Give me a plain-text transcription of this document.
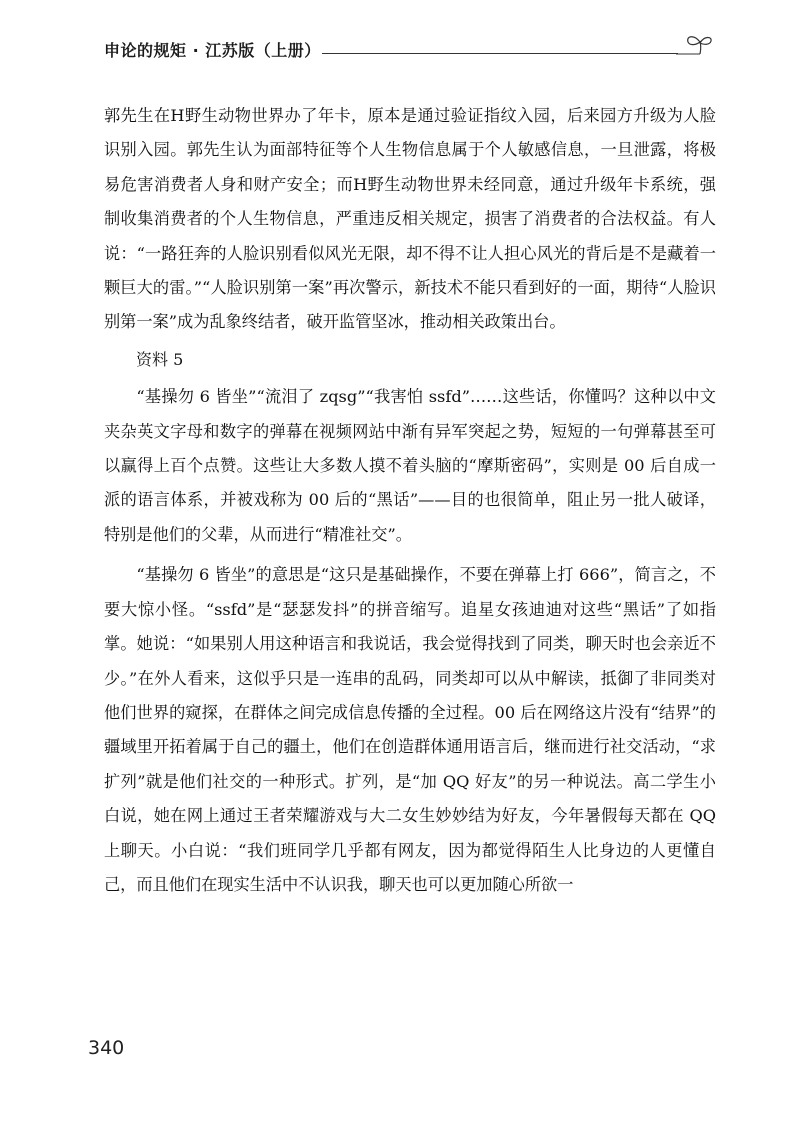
申论的规矩 · 江苏版（上册）

郭先生在H野生动物世界办了年卡，原本是通过验证指纹入园，后来园方升级为人脸识别入园。郭先生认为面部特征等个人生物信息属于个人敏感信息，一旦泄露，将极易危害消费者人身和财产安全；而H野生动物世界未经同意，通过升级年卡系统，强制收集消费者的个人生物信息，严重违反相关规定，损害了消费者的合法权益。有人说：“一路狂奔的人脸识别看似风光无限，却不得不让人担心风光的背后是不是藏着一颗巨大的雷。”“人脸识别第一案”再次警示，新技术不能只看到好的一面，期待“人脸识别第一案”成为乱象终结者，破开监管坚冰，推动相关政策出台。

资料 5

“基操勿 6 皆坐”“流泪了 zqsg”“我害怕 ssfd”……这些话，你懂吗？这种以中文夹杂英文字母和数字的弹幕在视频网站中渐有异军突起之势，短短的一句弹幕甚至可以赢得上百个点赞。这些让大多数人摸不着头脑的“摩斯密码”，实则是 00 后自成一派的语言体系，并被戏称为 00 后的“黑话”——目的也很简单，阻止另一批人破译，特别是他们的父辈，从而进行“精准社交”。

“基操勿 6 皆坐”的意思是“这只是基础操作，不要在弹幕上打 666”，简言之，不要大惊小怪。“ssfd”是“瑟瑟发抖”的拼音缩写。追星女孩迪迪对这些“黑话”了如指掌。她说：“如果别人用这种语言和我说话，我会觉得找到了同类，聊天时也会亲近不少。”在外人看来，这似乎只是一连串的乱码，同类却可以从中解读，抵御了非同类对他们世界的窥探，在群体之间完成信息传播的全过程。00 后在网络这片没有“结界”的疆域里开拓着属于自己的疆土，他们在创造群体通用语言后，继而进行社交活动，“求扩列”就是他们社交的一种形式。扩列，是“加 QQ 好友”的另一种说法。高二学生小白说，她在网上通过王者荣耀游戏与大二女生妙妙结为好友，今年暑假每天都在 QQ 上聊天。小白说：“我们班同学几乎都有网友，因为都觉得陌生人比身边的人更懂自己，而且他们在现实生活中不认识我，聊天也可以更加随心所欲一

340
